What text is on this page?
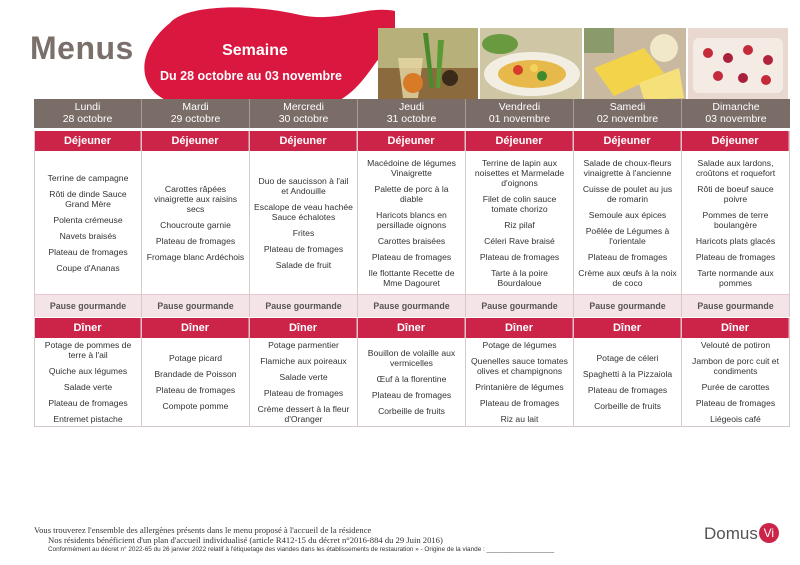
Menus	Semaine
Du 28 octobre au 03 novembre
Lundi
28 octobre
Mardi
29 octobre
Mercredi
30 octobre
Jeudi
31 octobre
Vendredi
01 novembre
Samedi
02 novembre
Dimanche
03 novembre
Déjeuner
Terrine de campagne
Rôti de dinde Sauce Grand Mère
Polenta crémeuse
Navets braisés
Plateau de fromages
Coupe d'Ananas
Pause gourmande
Déjeuner
Carottes râpées vinaigrette aux raisins secs
Choucroute garnie
Plateau de fromages
Fromage blanc Ardéchois
Pause gourmande
Déjeuner
Duo de saucisson à l'ail et Andouille
Escalope de veau hachée Sauce échalotes
Frites
Plateau de fromages
Salade de fruit
Pause gourmande
Déjeuner
Macédoine de légumes Vinaigrette
Palette de porc à la diable
Haricots blancs en persillade oignons
Carottes braisées
Plateau de fromages
Ile flottante Recette de Mme Dagouret
Pause gourmande
Déjeuner
Terrine de lapin aux noisettes et Marmelade d'oignons
Filet de colin sauce tomate chorizo
Riz pilaf
Céleri Rave braisé
Plateau de fromages
Tarte à la poire Bourdaloue
Pause gourmande
Déjeuner
Salade de choux-fleurs vinaigrette à l'ancienne
Cuisse de poulet au jus de romarin
Semoule aux épices
Poêlée de Légumes à l'orientale
Plateau de fromages
Crème aux œufs à la noix de coco
Pause gourmande
Déjeuner
Salade aux lardons, croûtons et roquefort
Rôti de boeuf sauce poivre
Pommes de terre boulangère
Haricots plats glacés
Plateau de fromages
Tarte normande aux pommes
Pause gourmande
Dîner
Potage de pommes de terre à l'ail
Quiche aux légumes
Salade verte
Plateau de fromages
Entremet pistache
Dîner
Potage picard
Brandade de Poisson
Plateau de fromages
Compote pomme
Dîner
Potage parmentier
Flamiche aux poireaux
Salade verte
Plateau de fromages
Crème dessert à la fleur d'Oranger
Dîner
Bouillon de volaille aux vermicelles
Œuf à la florentine
Plateau de fromages
Corbeille de fruits
Dîner
Potage de légumes
Quenelles sauce tomates olives et champignons
Printanière de légumes
Plateau de fromages
Riz au lait
Dîner
Potage de céleri
Spaghetti à la Pizzaiola
Plateau de fromages
Corbeille de fruits
Dîner
Velouté de potiron
Jambon de porc cuit et condiments
Purée de carottes
Plateau de fromages
Liégeois café
Vous trouverez l'ensemble des allergènes présents dans le menu proposé à l'accueil de la résidence
Nos résidents bénéficient d'un plan d'accueil individualisé (article R412-15 du décret n°2016-884 du 29 Juin 2016)
Conformément au décret n° 2022-65 du 26 janvier 2022 relatif à l'étiquetage des viandes dans les établissements de restauration » - Origine de la viande : ___________________
Domus Vi
